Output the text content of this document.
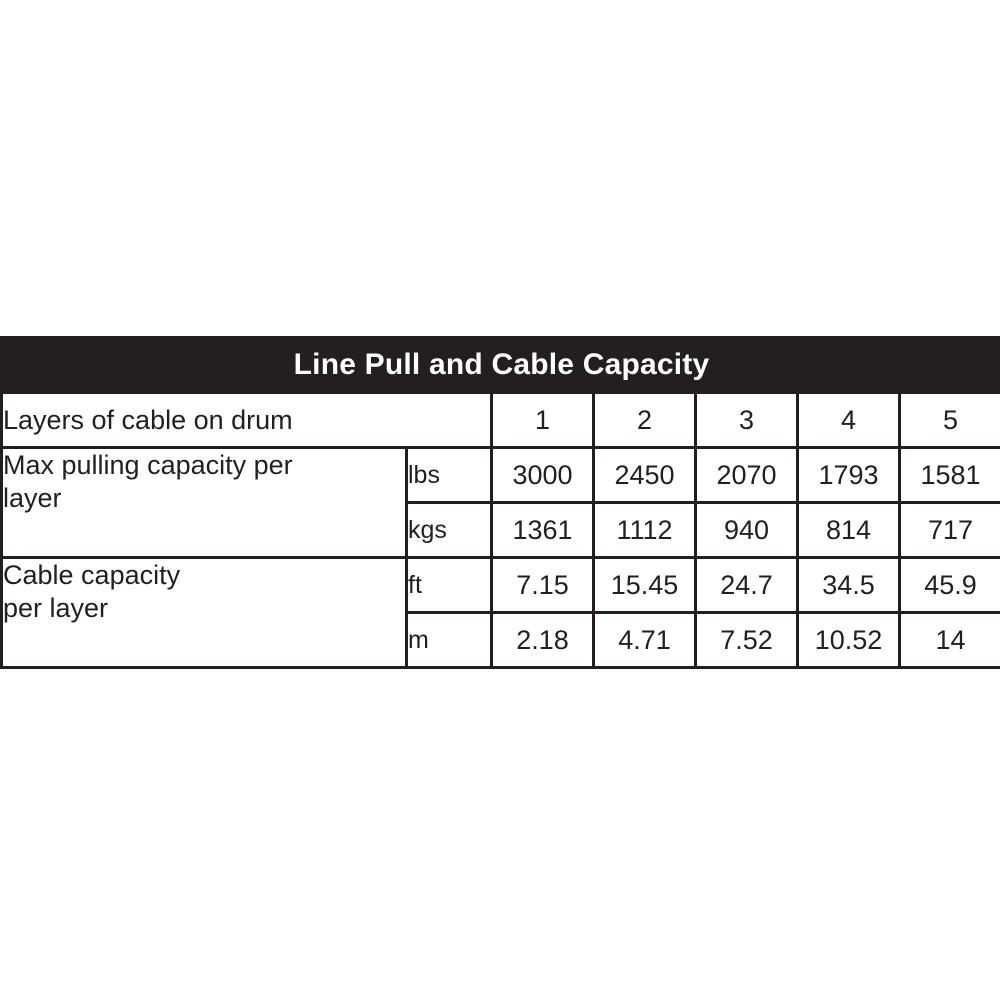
Line Pull and Cable Capacity						
Layers of cable on drum		1	2	3	4	5

Max pulling capacity per
layer	lbs	3000	2450	2070	1793	1581
	kgs	1361	1112	940	814	717

Cable capacity
per layer	ft	7.15	15.45	24.7	34.5	45.9
	m	2.18	4.71	7.52	10.52	14
